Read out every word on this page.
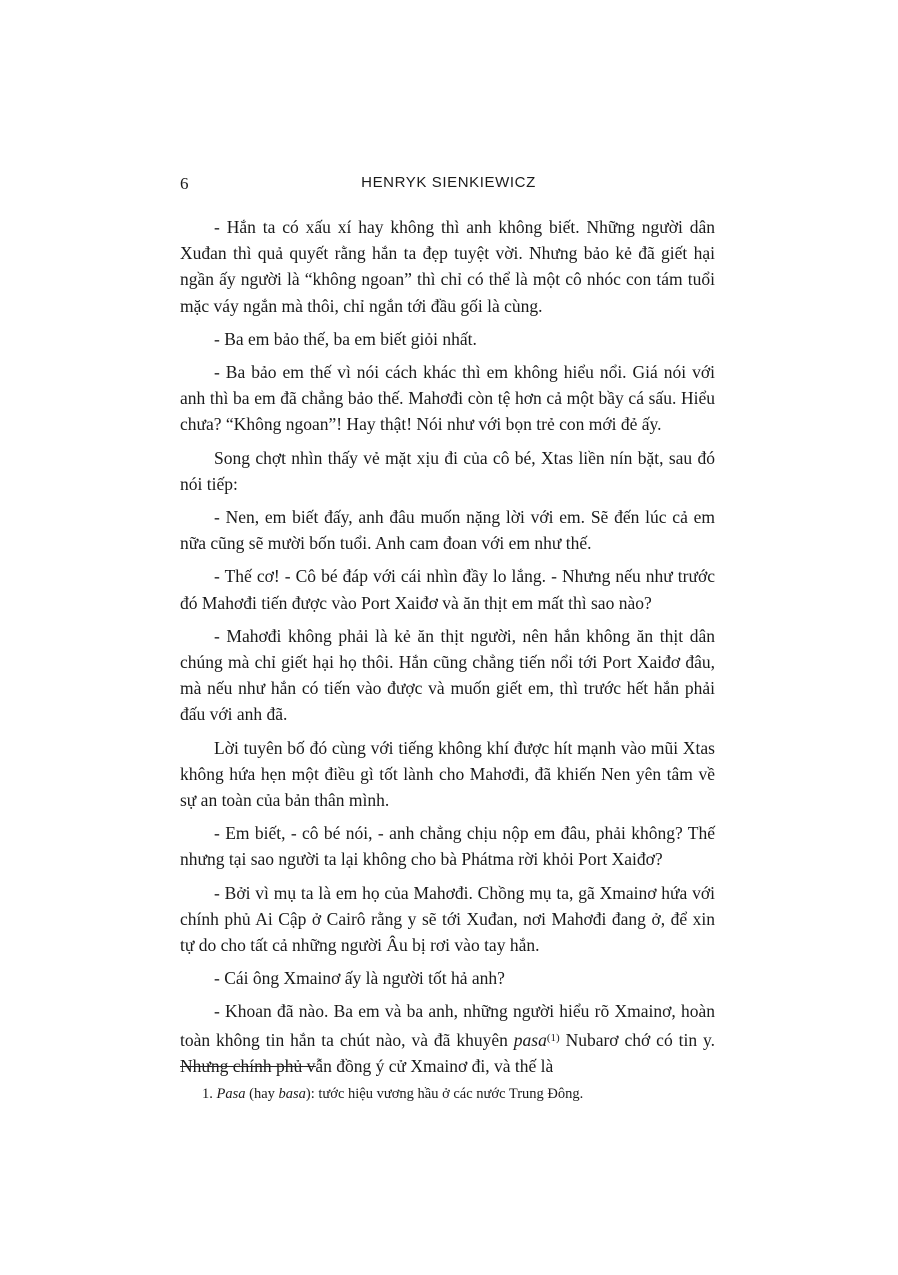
6	HENRYK SIENKIEWICZ

- Hắn ta có xấu xí hay không thì anh không biết. Những người dân Xuđan thì quả quyết rằng hắn ta đẹp tuyệt vời. Nhưng bảo kẻ đã giết hại ngần ấy người là “không ngoan” thì chỉ có thể là một cô nhóc con tám tuổi mặc váy ngắn mà thôi, chỉ ngắn tới đầu gối là cùng.

- Ba em bảo thế, ba em biết giỏi nhất.

- Ba bảo em thế vì nói cách khác thì em không hiểu nổi. Giá nói với anh thì ba em đã chẳng bảo thế. Mahơđi còn tệ hơn cả một bầy cá sấu. Hiểu chưa? “Không ngoan”! Hay thật! Nói như với bọn trẻ con mới đẻ ấy.

Song chợt nhìn thấy vẻ mặt xịu đi của cô bé, Xtas liền nín bặt, sau đó nói tiếp:

- Nen, em biết đấy, anh đâu muốn nặng lời với em. Sẽ đến lúc cả em nữa cũng sẽ mười bốn tuổi. Anh cam đoan với em như thế.

- Thế cơ! - Cô bé đáp với cái nhìn đầy lo lắng. - Nhưng nếu như trước đó Mahơđi tiến được vào Port Xaiđơ và ăn thịt em mất thì sao nào?

- Mahơđi không phải là kẻ ăn thịt người, nên hắn không ăn thịt dân chúng mà chỉ giết hại họ thôi. Hắn cũng chẳng tiến nổi tới Port Xaiđơ đâu, mà nếu như hắn có tiến vào được và muốn giết em, thì trước hết hắn phải đấu với anh đã.

Lời tuyên bố đó cùng với tiếng không khí được hít mạnh vào mũi Xtas không hứa hẹn một điều gì tốt lành cho Mahơđi, đã khiến Nen yên tâm về sự an toàn của bản thân mình.

- Em biết, - cô bé nói, - anh chẳng chịu nộp em đâu, phải không? Thế nhưng tại sao người ta lại không cho bà Phátma rời khỏi Port Xaiđơ?

- Bởi vì mụ ta là em họ của Mahơđi. Chồng mụ ta, gã Xmainơ hứa với chính phủ Ai Cập ở Cairô rằng y sẽ tới Xuđan, nơi Mahơđi đang ở, để xin tự do cho tất cả những người Âu bị rơi vào tay hắn.

- Cái ông Xmainơ ấy là người tốt hả anh?

- Khoan đã nào. Ba em và ba anh, những người hiểu rõ Xmainơ, hoàn toàn không tin hắn ta chút nào, và đã khuyên pasa$^{(1)}$ Nubarơ chớ có tin y. Nhưng chính phủ vẫn đồng ý cử Xmainơ đi, và thế là

1. Pasa (hay basa): tước hiệu vương hầu ở các nước Trung Đông.
